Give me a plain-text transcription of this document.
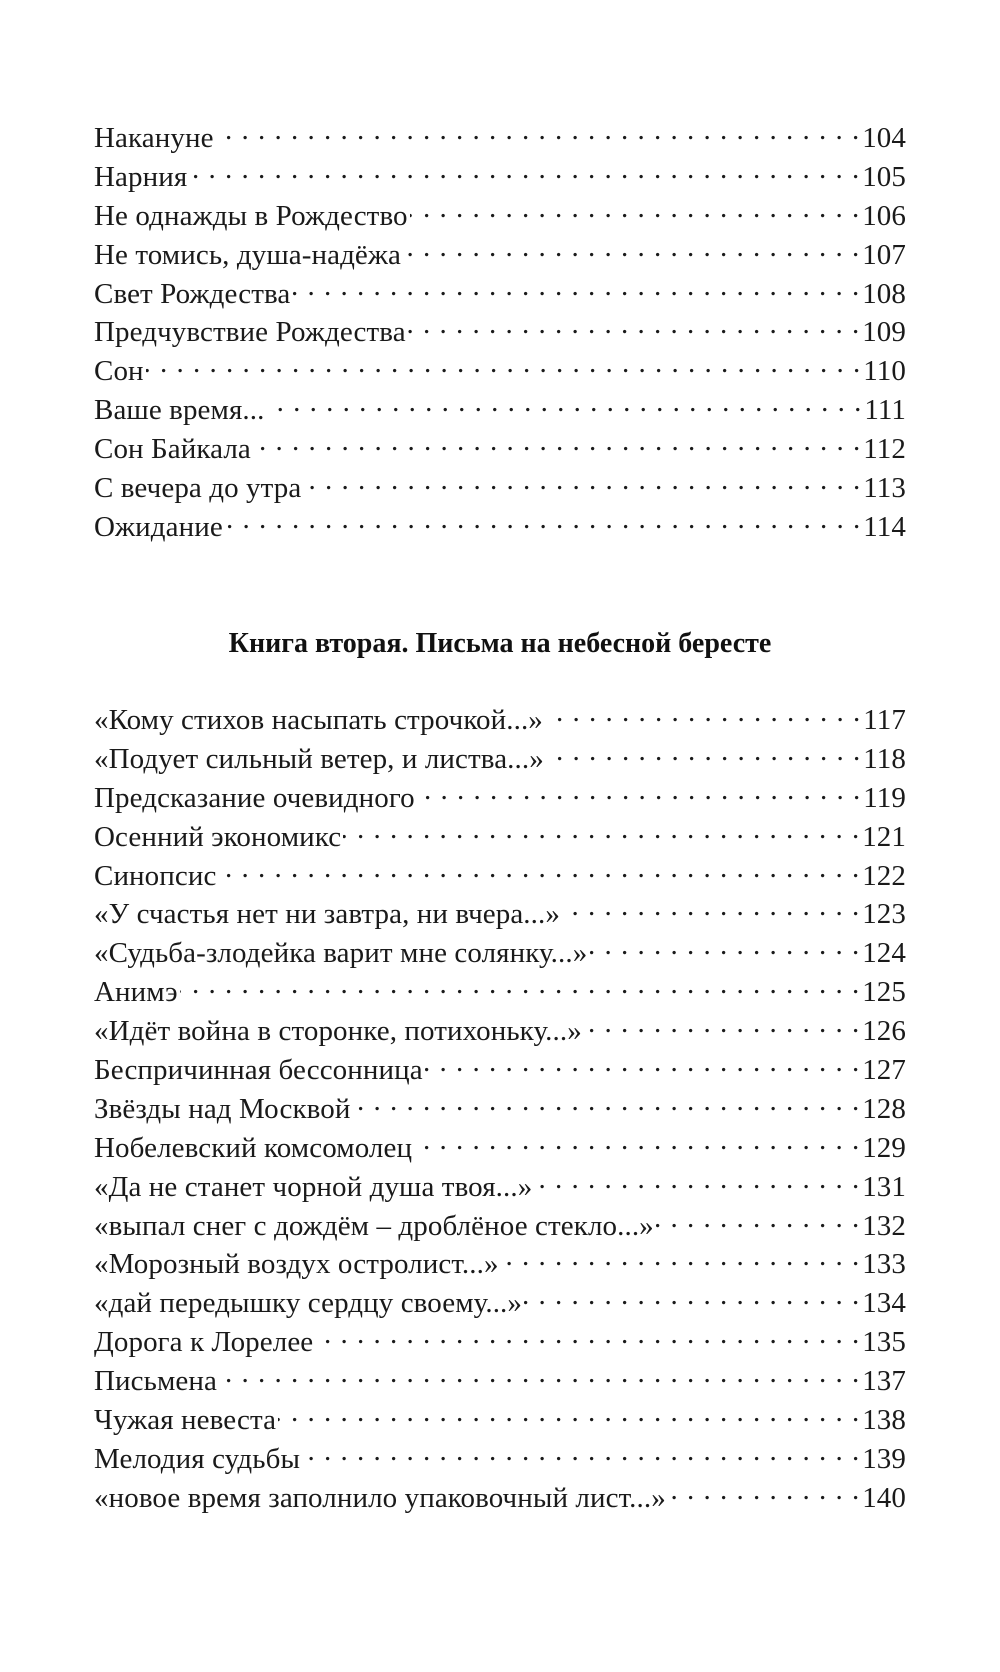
Накануне . . .	104
Нарния . . .	105
Не однажды в Рождество . . .	106
Не томись, душа-надёжа . . .	107
Свет Рождества . . .	108
Предчувствие Рождества . . .	109
Сон . . .	110
Ваше время... . . .	111
Сон Байкала . . .	112
С вечера до утра . . .	113
Ожидание . . .	114
Книга вторая. Письма на небесной бересте
«Кому стихов насыпать строчкой...» . . .	117
«Подует сильный ветер, и листва...» . . .	118
Предсказание очевидного . . .	119
Осенний экономикс . . .	121
Синопсис . . .	122
«У счастья нет ни завтра, ни вчера...» . . .	123
«Судьба-злодейка варит мне солянку...» . . .	124
Анимэ . . .	125
«Идёт война в сторонке, потихоньку...» . . .	126
Беспричинная бессонница . . .	127
Звёзды над Москвой . . .	128
Нобелевский комсомолец . . .	129
«Да не станет чорной душа твоя...» . . .	131
«выпал снег с дождём – дроблёное стекло...» . . .	132
«Морозный воздух остролист...» . . .	133
«дай передышку сердцу своему...» . . .	134
Дорога к Лорелее . . .	135
Письмена . . .	137
Чужая невеста . . .	138
Мелодия судьбы . . .	139
«новое время заполнило упаковочный лист...» . . .	140
